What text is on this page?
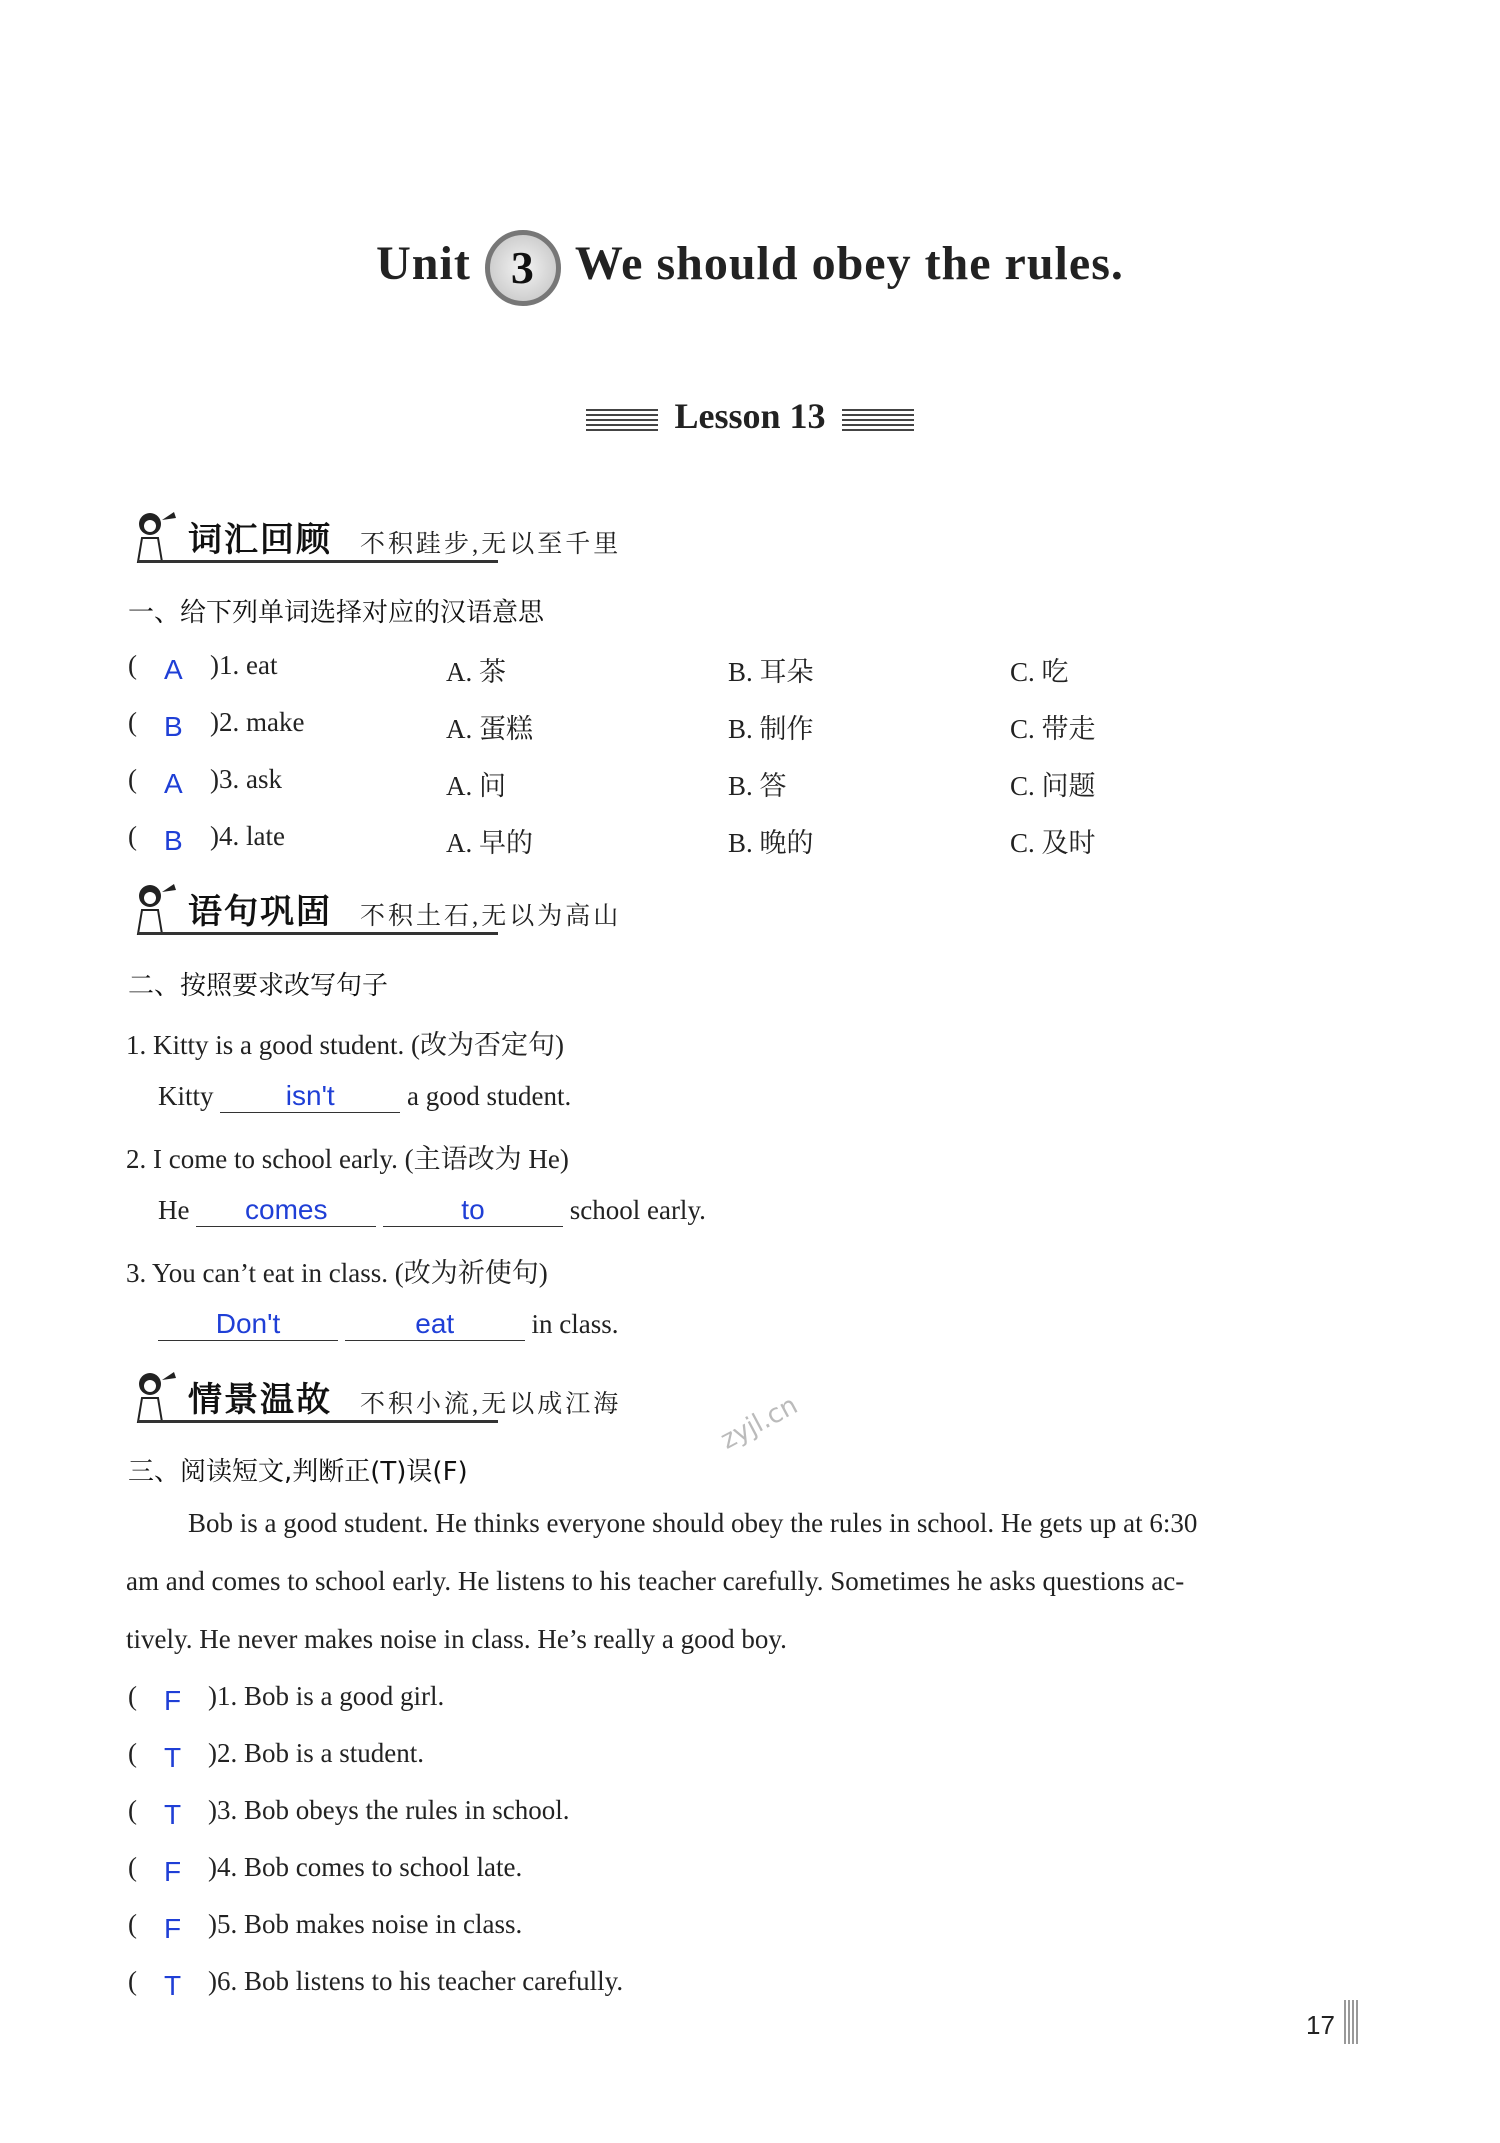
Unit 3 We should obey the rules.
Lesson 13
词汇回顾 不积跬步,无以至千里
一、给下列单词选择对应的汉语意思
( A )1. eat	A. 茶	B. 耳朵	C. 吃
( B )2. make	A. 蛋糕	B. 制作	C. 带走
( A )3. ask	A. 问	B. 答	C. 问题
( B )4. late	A. 早的	B. 晚的	C. 及时
语句巩固 不积土石,无以为高山
二、按照要求改写句子
1. Kitty is a good student. (改为否定句)
Kitty	isn't	a good student.
2. I come to school early. (主语改为 He)
He comes	to	school early.
3. You can’t eat in class. (改为祈使句)
Don't	eat	in class.
情景温故 不积小流,无以成江海	zyjl.cn
三、阅读短文,判断正(T)误(F)
Bob is a good student. He thinks everyone should obey the rules in school. He gets up at 6:30
am and comes to school early. He listens to his teacher carefully. Sometimes he asks questions ac-
tively. He never makes noise in class. He’s really a good boy.
( F )1. Bob is a good girl.
( T )2. Bob is a student.
( T )3. Bob obeys the rules in school.
( F )4. Bob comes to school late.
( F )5. Bob makes noise in class.
( T )6. Bob listens to his teacher carefully.
17
